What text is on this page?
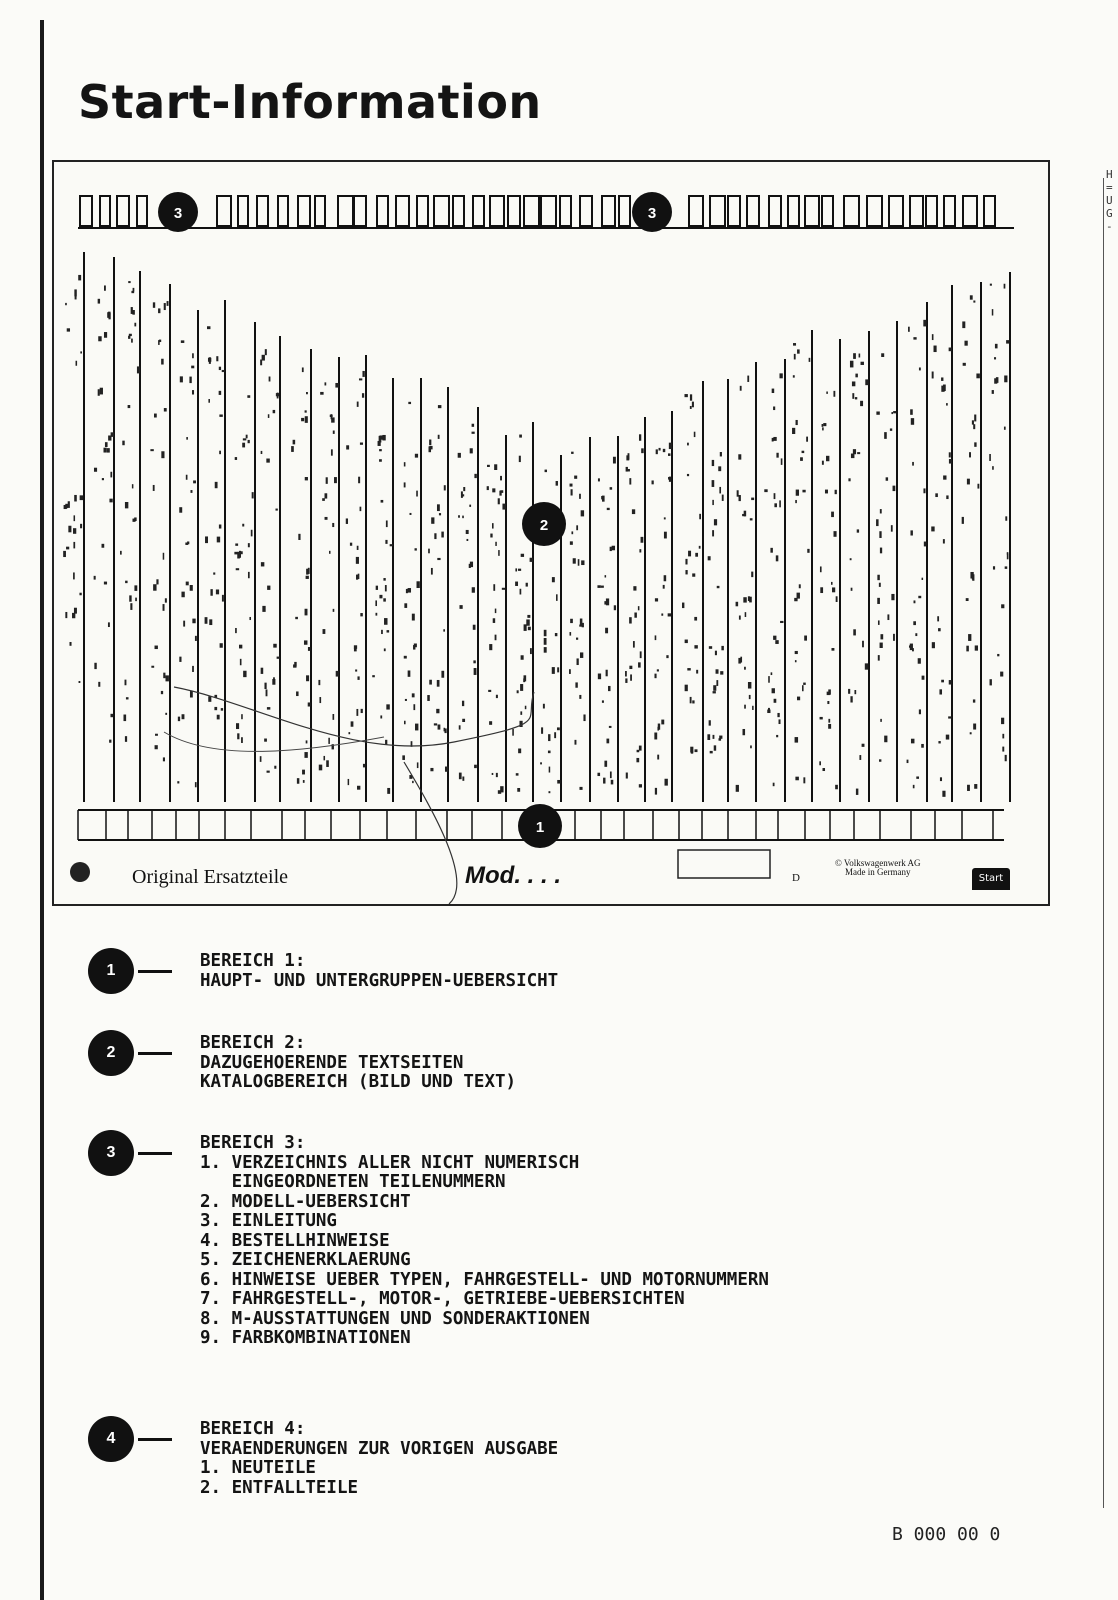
H
=
U
G
-
Start-Information
3	3
2
1
Original Ersatzteile	Mod. . . .	D
© Volkswagenwerk AG
Made in Germany
Start
1	BEREICH 1:
HAUPT- UND UNTERGRUPPEN-UEBERSICHT
2	BEREICH 2:
DAZUGEHOERENDE TEXTSEITEN
KATALOGBEREICH (BILD UND TEXT)
3	BEREICH 3:
1. VERZEICHNIS ALLER NICHT NUMERISCH
EINGEORDNETEN TEILENUMMERN
2. MODELL-UEBERSICHT
3. EINLEITUNG
4. BESTELLHINWEISE
5. ZEICHENERKLAERUNG
6. HINWEISE UEBER TYPEN, FAHRGESTELL- UND MOTORNUMMERN
7. FAHRGESTELL-, MOTOR-, GETRIEBE-UEBERSICHTEN
8. M-AUSSTATTUNGEN UND SONDERAKTIONEN
9. FARBKOMBINATIONEN
4	BEREICH 4:
VERAENDERUNGEN ZUR VORIGEN AUSGABE
1. NEUTEILE
2. ENTFALLTEILE
B 000 00 0
